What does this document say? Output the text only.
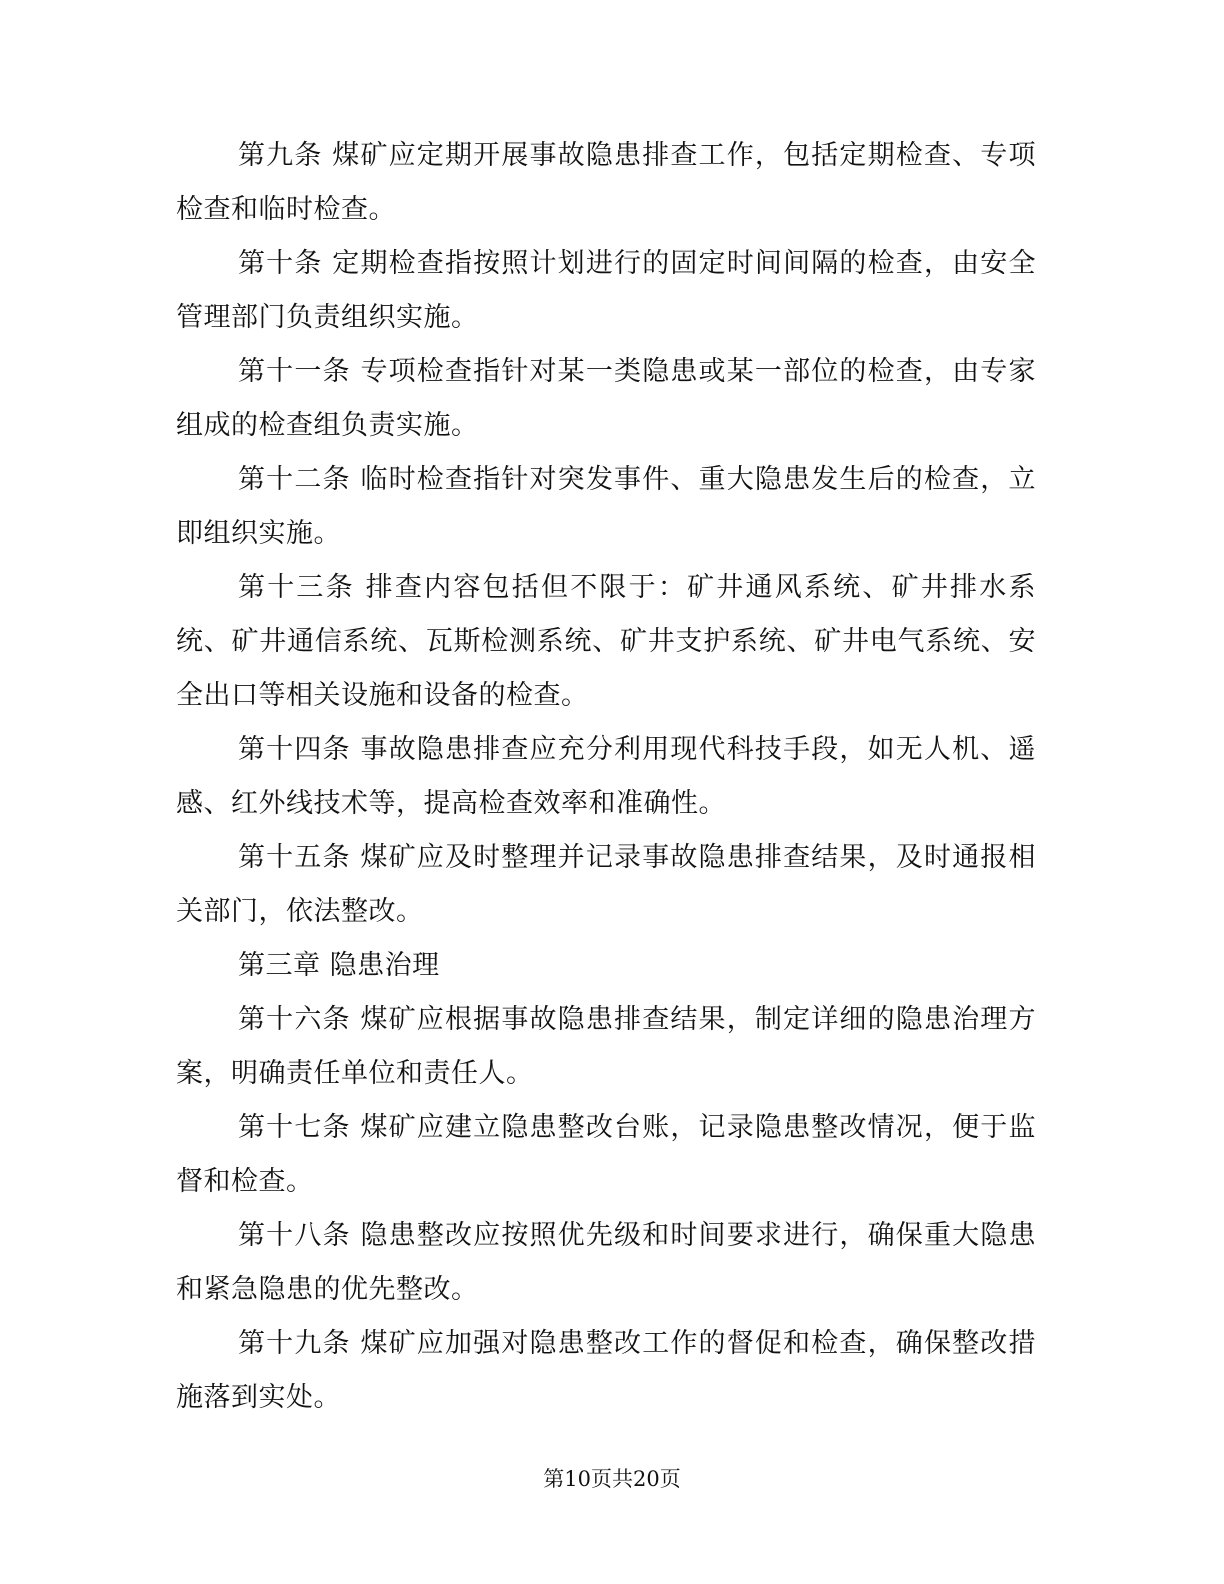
第九条 煤矿应定期开展事故隐患排查工作，包括定期检查、专项检查和临时检查。

第十条 定期检查指按照计划进行的固定时间间隔的检查，由安全管理部门负责组织实施。

第十一条 专项检查指针对某一类隐患或某一部位的检查，由专家组成的检查组负责实施。

第十二条 临时检查指针对突发事件、重大隐患发生后的检查，立即组织实施。

第十三条 排查内容包括但不限于：矿井通风系统、矿井排水系统、矿井通信系统、瓦斯检测系统、矿井支护系统、矿井电气系统、安全出口等相关设施和设备的检查。

第十四条 事故隐患排查应充分利用现代科技手段，如无人机、遥感、红外线技术等，提高检查效率和准确性。

第十五条 煤矿应及时整理并记录事故隐患排查结果，及时通报相关部门，依法整改。

第三章 隐患治理

第十六条 煤矿应根据事故隐患排查结果，制定详细的隐患治理方案，明确责任单位和责任人。

第十七条 煤矿应建立隐患整改台账，记录隐患整改情况，便于监督和检查。

第十八条 隐患整改应按照优先级和时间要求进行，确保重大隐患和紧急隐患的优先整改。

第十九条 煤矿应加强对隐患整改工作的督促和检查，确保整改措施落到实处。

第10页共20页
